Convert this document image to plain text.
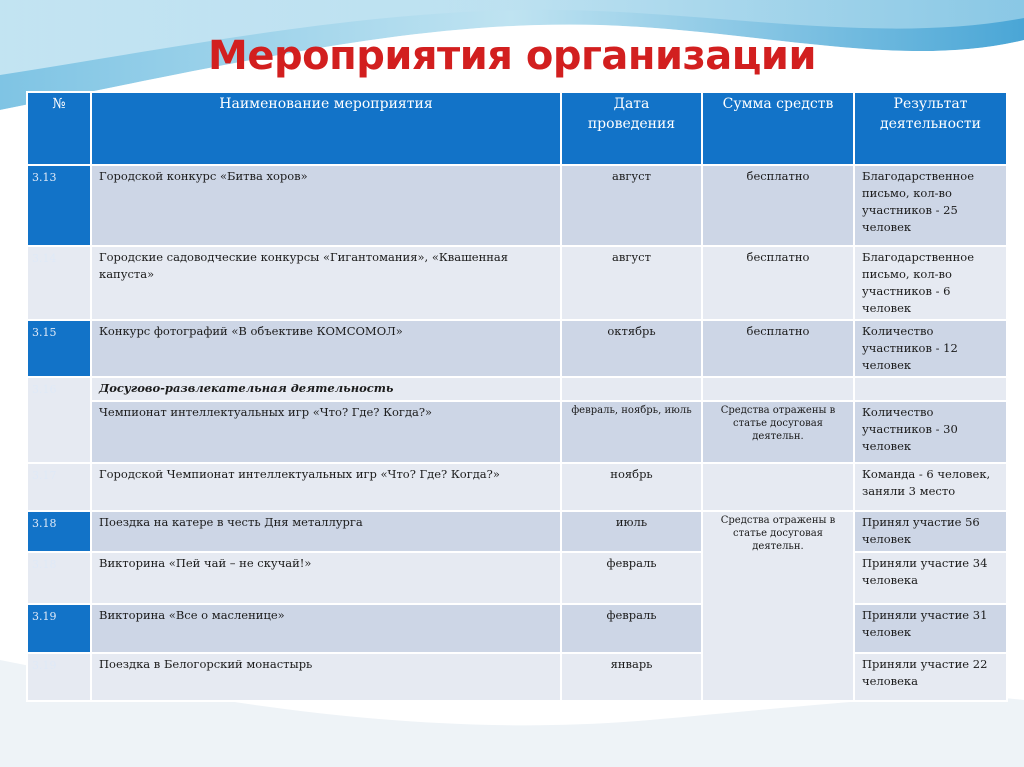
Мероприятия организации
№	Наименование мероприятия	Дата проведения	Сумма средств	Результат деятельности
3.13	Городской конкурс «Битва хоров»	август	бесплатно	Благодарственное письмо, кол-во участников - 25 человек
3.14	Городские садоводческие конкурсы «Гигантомания», «Квашенная капуста»	август	бесплатно	Благодарственное письмо, кол-во участников - 6 человек
3.15	Конкурс фотографий «В объективе КОМСОМОЛ»	октябрь	бесплатно	Количество участников - 12 человек
3.16	Досугово-развлекательная деятельность			
	Чемпионат интеллектуальных игр «Что? Где? Когда?»	февраль, ноябрь, июль	Средства отражены в статье досуговая деятельн.	Количество участников - 30 человек
3.17	Городской Чемпионат интеллектуальных игр «Что? Где? Когда?»	ноябрь		Команда - 6 человек, заняли 3 место
3.18	Поездка на катере в честь Дня металлурга	июль	Средства отражены в статье досуговая деятельн.	Принял участие 56 человек
3.18	Викторина «Пей чай – не скучай!»	февраль		Приняли участие 34 человека
3.19	Викторина «Все о масленице»	февраль		Приняли участие 31 человек
3.19	Поездка в Белогорский монастырь	январь		Приняли участие 22 человека
